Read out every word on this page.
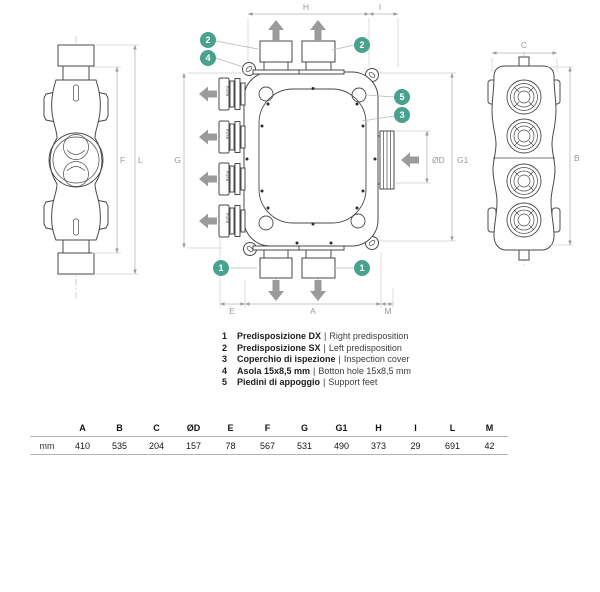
F L
PUSH
PUSH
PUSH
PUSH
H	I
G
E	A	M
ØD G1
2
4
2
5
3
1	1
C
B
1	Predisposizione DX | Right predisposition
2	Predisposizione SX | Left predisposition
3	Coperchio di ispezione | Inspection cover
4	Asola 15x8,5 mm | Botton hole 15x8,5 mm
5	Piedini di appoggio | Support feet
	A	B	C	ØD	E	F	G	G1	H	I	L	M
mm	410	535	204	157	78	567	531	490	373	29	691	42
